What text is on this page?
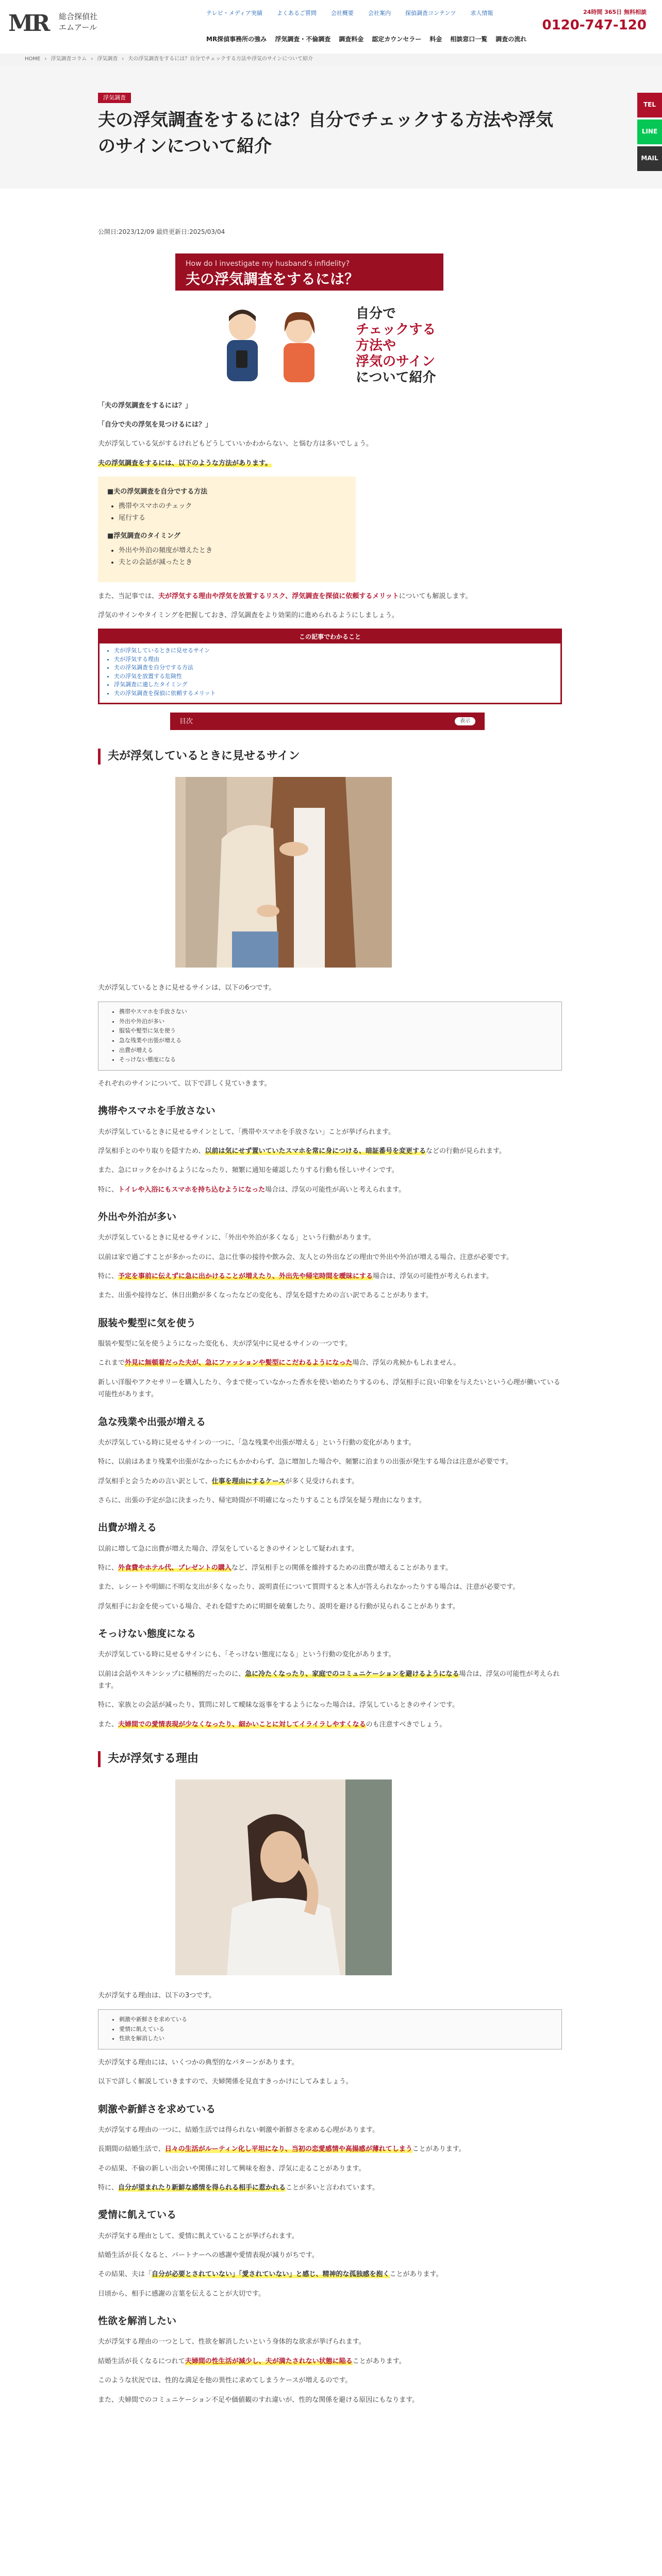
MR 総合探偵社
エムアール
テレビ・メディア実績	よくあるご質問	会社概要	会社案内	探偵調査コンテンツ	求人情報
MR探偵事務所の強み 浮気調査・不倫調査 調査料金 認定カウンセラー 料金 相談窓口一覧 調査の流れ
24時間 365日 無料相談
0120-747-120
HOME › 浮気調査コラム › 浮気調査 › 夫の浮気調査をするには？自分でチェックする方法や浮気のサインについて紹介
浮気調査
夫の浮気調査をするには？自分でチェックする方法や浮気のサインについて紹介
TEL
LINE
MAIL
公開日:2023/12/09 最終更新日:2025/03/04
How do I investigate my husband's infidelity?
夫の浮気調査をするには？
自分で
チェックする方法や
浮気のサイン
について紹介

「夫の浮気調査をするには？」

「自分で夫の浮気を見つけるには？」

夫が浮気している気がするけれどもどうしていいかわからない、と悩む方は多いでしょう。

夫の浮気調査をするには、以下のような方法があります。

■夫の浮気調査を自分でする方法
• 携帯やスマホのチェック
• 尾行する
■浮気調査のタイミング
• 外出や外泊の頻度が増えたとき
• 夫との会話が減ったとき

また、当記事では、夫が浮気する理由や浮気を放置するリスク、浮気調査を探偵に依頼するメリットについても解説します。

浮気のサインやタイミングを把握しておき、浮気調査をより効果的に進められるようにしましょう。

この記事でわかること
• 夫が浮気しているときに見せるサイン
• 夫が浮気する理由
• 夫の浮気調査を自分でする方法
• 夫の浮気を放置する危険性
• 浮気調査に適したタイミング
• 夫の浮気調査を探偵に依頼するメリット
目次	表示
夫が浮気しているときに見せるサイン

夫が浮気しているときに見せるサインは、以下の6つです。

• 携帯やスマホを手放さない
• 外出や外泊が多い
• 服装や髪型に気を使う
• 急な残業や出張が増える
• 出費が増える
• そっけない態度になる

それぞれのサインについて、以下で詳しく見ていきます。

携帯やスマホを手放さない

夫が浮気しているときに見せるサインとして、「携帯やスマホを手放さない」ことが挙げられます。

浮気相手とのやり取りを隠すため、以前は気にせず置いていたスマホを常に身につける、暗証番号を変更するなどの行動が見られます。

また、急にロックをかけるようになったり、頻繁に通知を確認したりする行動も怪しいサインです。

特に、トイレや入浴にもスマホを持ち込むようになった場合は、浮気の可能性が高いと考えられます。

外出や外泊が多い

夫が浮気しているときに見せるサインに、「外出や外泊が多くなる」という行動があります。

以前は家で過ごすことが多かったのに、急に仕事の接待や飲み会、友人との外出などの理由で外出や外泊が増える場合、注意が必要です。

特に、予定を事前に伝えずに急に出かけることが増えたり、外出先や帰宅時間を曖昧にする場合は、浮気の可能性が考えられます。

また、出張や接待など、休日出勤が多くなったなどの変化も、浮気を隠すための言い訳であることがあります。

服装や髪型に気を使う

服装や髪型に気を使うようになった変化も、夫が浮気中に見せるサインの一つです。

これまで外見に無頓着だった夫が、急にファッションや髪型にこだわるようになった場合、浮気の兆候かもしれません。

新しい洋服やアクセサリーを購入したり、今まで使っていなかった香水を使い始めたりするのも、浮気相手に良い印象を与えたいという心理が働いている可能性があります。

急な残業や出張が増える

夫が浮気している時に見せるサインの一つに、「急な残業や出張が増える」という行動の変化があります。

特に、以前はあまり残業や出張がなかったにもかかわらず、急に増加した場合や、頻繁に泊まりの出張が発生する場合は注意が必要です。

浮気相手と会うための言い訳として、仕事を理由にするケースが多く見受けられます。

さらに、出張の予定が急に決まったり、帰宅時間が不明確になったりすることも浮気を疑う理由になります。

出費が増える

以前に増して急に出費が増えた場合、浮気をしているときのサインとして疑われます。

特に、外食費やホテル代、プレゼントの購入など、浮気相手との関係を維持するための出費が増えることがあります。

また、レシートや明細に不明な支出が多くなったり、説明責任について質問すると本人が答えられなかったりする場合は、注意が必要です。

浮気相手にお金を使っている場合、それを隠すために明細を破棄したり、説明を避ける行動が見られることがあります。

そっけない態度になる

夫が浮気している時に見せるサインにも、「そっけない態度になる」という行動の変化があります。

以前は会話やスキンシップに積極的だったのに、急に冷たくなったり、家庭でのコミュニケーションを避けるようになる場合は、浮気の可能性が考えられます。

特に、家族との会話が減ったり、質問に対して曖昧な返事をするようになった場合は、浮気しているときのサインです。

また、夫婦間での愛情表現が少なくなったり、細かいことに対してイライラしやすくなるのも注意すべきでしょう。

夫が浮気する理由

夫が浮気する理由は、以下の3つです。

• 刺激や新鮮さを求めている
• 愛情に飢えている
• 性欲を解消したい

夫が浮気する理由には、いくつかの典型的なパターンがあります。

以下で詳しく解説していきますので、夫婦関係を見直すきっかけにしてみましょう。

刺激や新鮮さを求めている

夫が浮気する理由の一つに、結婚生活では得られない刺激や新鮮さを求める心理があります。

長期間の結婚生活で、日々の生活がルーティン化し平坦になり、当初の恋愛感情や高揚感が薄れてしまうことがあります。

その結果、不倫の新しい出会いや関係に対して興味を抱き、浮気に走ることがあります。

特に、自分が望まれたり新鮮な感情を得られる相手に惹かれることが多いと言われています。

愛情に飢えている

夫が浮気する理由として、愛情に飢えていることが挙げられます。

結婚生活が長くなると、パートナーへの感謝や愛情表現が減りがちです。

その結果、夫は「自分が必要とされていない」「愛されていない」と感じ、精神的な孤独感を抱くことがあります。

日頃から、相手に感謝の言葉を伝えることが大切です。

性欲を解消したい

夫が浮気する理由の一つとして、性欲を解消したいという身体的な欲求が挙げられます。

結婚生活が長くなるにつれて夫婦間の性生活が減少し、夫が満たされない状態に陥ることがあります。

このような状況では、性的な満足を他の異性に求めてしまうケースが増えるのです。

また、夫婦間でのコミュニケーション不足や価値観のすれ違いが、性的な関係を避ける原因にもなります。
